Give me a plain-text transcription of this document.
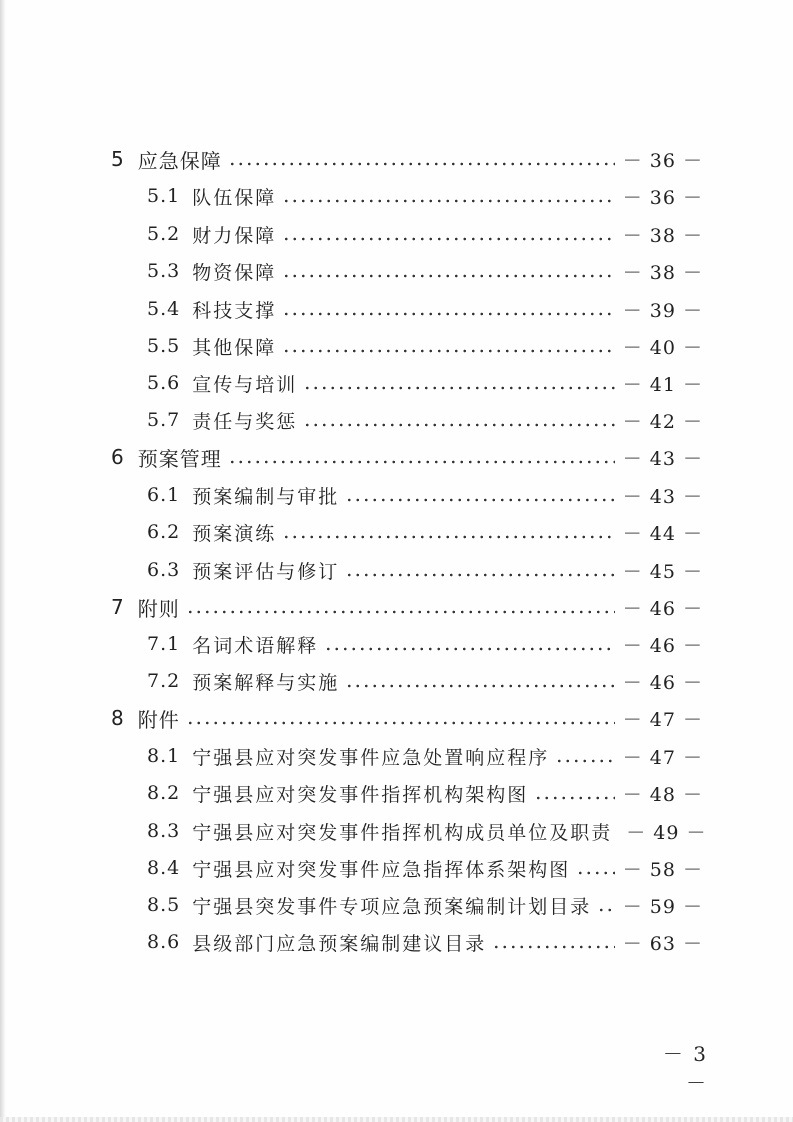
5 应急保障	－ 36 －
5.1 队伍保障	－ 36 －
5.2 财力保障	－ 38 －
5.3 物资保障	－ 38 －
5.4 科技支撑	－ 39 －
5.5 其他保障	－ 40 －
5.6 宣传与培训	－ 41 －
5.7 责任与奖惩	－ 42 －
6 预案管理	－ 43 －
6.1 预案编制与审批	－ 43 －
6.2 预案演练	－ 44 －
6.3 预案评估与修订	－ 45 －
7 附则	－ 46 －
7.1 名词术语解释	－ 46 －
7.2 预案解释与实施	－ 46 －
8 附件	－ 47 －
8.1 宁强县应对突发事件应急处置响应程序	－ 47 －
8.2 宁强县应对突发事件指挥机构架构图	－ 48 －
8.3 宁强县应对突发事件指挥机构成员单位及职责 － 49 －
8.4 宁强县应对突发事件应急指挥体系架构图	－ 58 －
8.5 宁强县突发事件专项应急预案编制计划目录 － 59 －
8.6 县级部门应急预案编制建议目录	－ 63 －
－ 3 －
